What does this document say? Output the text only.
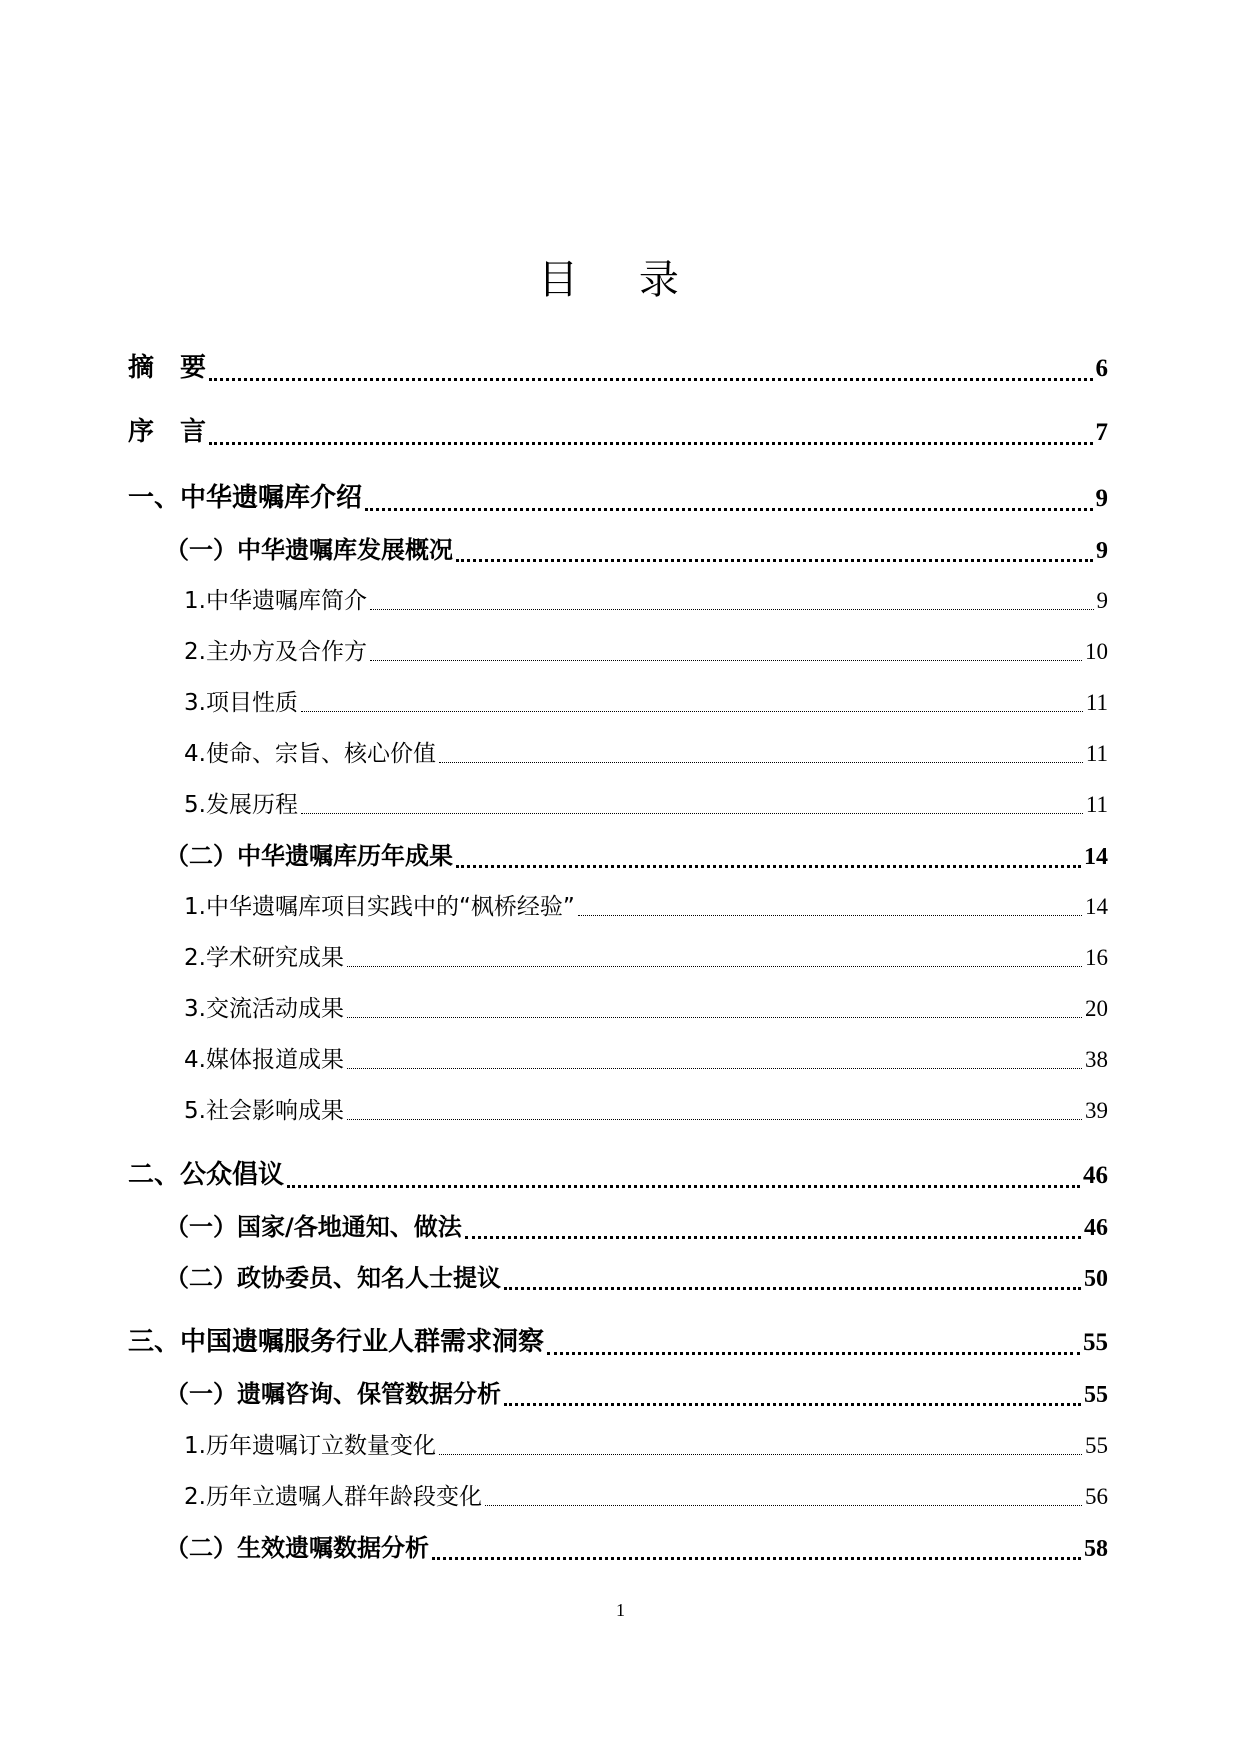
目 录
摘　要	6
序　言	7
一、中华遗嘱库介绍	9
（一）中华遗嘱库发展概况	9
1.中华遗嘱库简介	9
2.主办方及合作方	10
3.项目性质	11
4.使命、宗旨、核心价值	11
5.发展历程	11
（二）中华遗嘱库历年成果	14
1.中华遗嘱库项目实践中的“枫桥经验”	14
2.学术研究成果	16
3.交流活动成果	20
4.媒体报道成果	38
5.社会影响成果	39
二、公众倡议	46
（一）国家/各地通知、做法	46
（二）政协委员、知名人士提议	50
三、中国遗嘱服务行业人群需求洞察	55
（一）遗嘱咨询、保管数据分析	55
1.历年遗嘱订立数量变化	55
2.历年立遗嘱人群年龄段变化	56
（二）生效遗嘱数据分析	58
1
